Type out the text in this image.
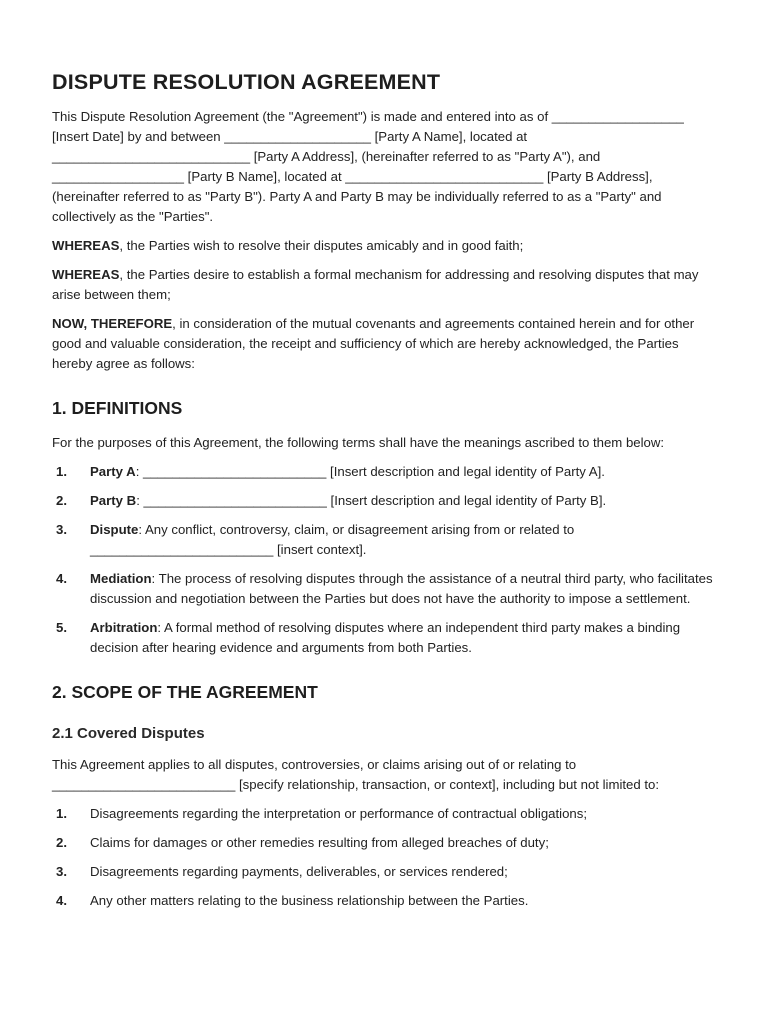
DISPUTE RESOLUTION AGREEMENT

This Dispute Resolution Agreement (the "Agreement") is made and entered into as of __________________ [Insert Date] by and between ____________________ [Party A Name], located at ___________________________ [Party A Address], (hereinafter referred to as "Party A"), and __________________ [Party B Name], located at ___________________________ [Party B Address], (hereinafter referred to as "Party B"). Party A and Party B may be individually referred to as a "Party" and collectively as the "Parties".

WHEREAS, the Parties wish to resolve their disputes amicably and in good faith;

WHEREAS, the Parties desire to establish a formal mechanism for addressing and resolving disputes that may arise between them;

NOW, THEREFORE, in consideration of the mutual covenants and agreements contained herein and for other good and valuable consideration, the receipt and sufficiency of which are hereby acknowledged, the Parties hereby agree as follows:

1. DEFINITIONS

For the purposes of this Agreement, the following terms shall have the meanings ascribed to them below:

1. Party A: _________________________ [Insert description and legal identity of Party A].
2. Party B: _________________________ [Insert description and legal identity of Party B].
3. Dispute: Any conflict, controversy, claim, or disagreement arising from or related to _________________________ [insert context].
4. Mediation: The process of resolving disputes through the assistance of a neutral third party, who facilitates discussion and negotiation between the Parties but does not have the authority to impose a settlement.
5. Arbitration: A formal method of resolving disputes where an independent third party makes a binding decision after hearing evidence and arguments from both Parties.
2. SCOPE OF THE AGREEMENT
2.1 Covered Disputes

This Agreement applies to all disputes, controversies, or claims arising out of or relating to _________________________ [specify relationship, transaction, or context], including but not limited to:

1. Disagreements regarding the interpretation or performance of contractual obligations;
2. Claims for damages or other remedies resulting from alleged breaches of duty;
3. Disagreements regarding payments, deliverables, or services rendered;
4. Any other matters relating to the business relationship between the Parties.
